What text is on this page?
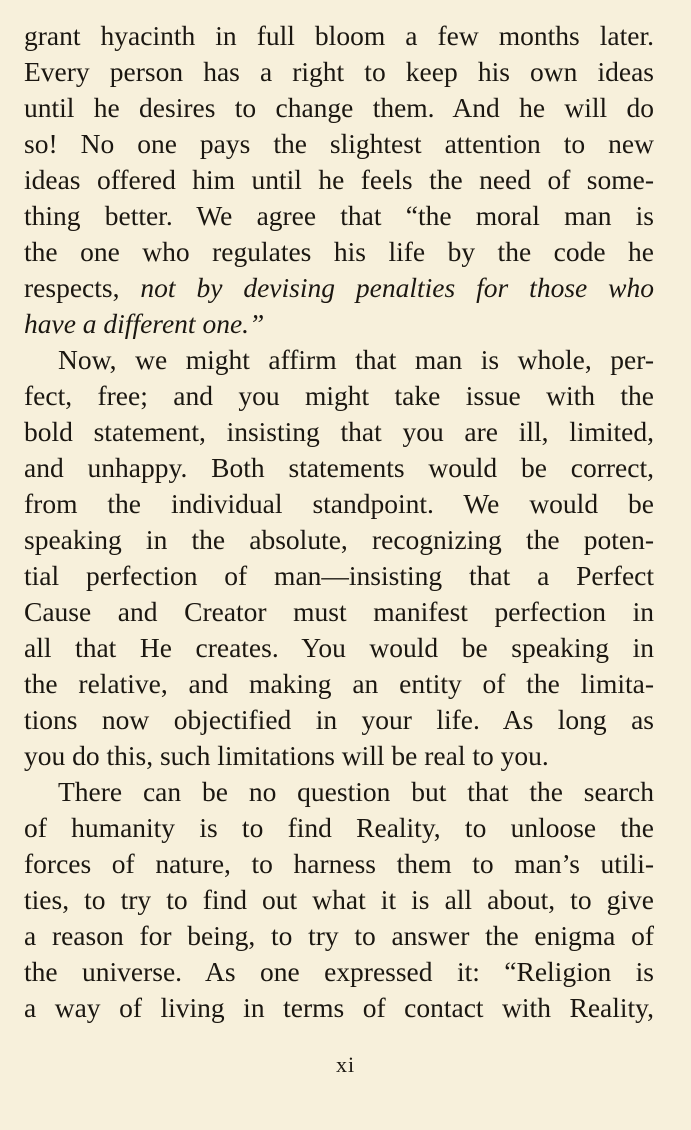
grant hyacinth in full bloom a few months later.
Every person has a right to keep his own ideas
until he desires to change them. And he will do
so! No one pays the slightest attention to new
ideas offered him until he feels the need of some-
thing better. We agree that “the moral man is
the one who regulates his life by the code he
respects, not by devising penalties for those who
have a different one.”
Now, we might affirm that man is whole, per-
fect, free; and you might take issue with the
bold statement, insisting that you are ill, limited,
and unhappy. Both statements would be correct,
from the individual standpoint. We would be
speaking in the absolute, recognizing the poten-
tial perfection of man—insisting that a Perfect
Cause and Creator must manifest perfection in
all that He creates. You would be speaking in
the relative, and making an entity of the limita-
tions now objectified in your life. As long as
you do this, such limitations will be real to you.
There can be no question but that the search
of humanity is to find Reality, to unloose the
forces of nature, to harness them to man’s utili-
ties, to try to find out what it is all about, to give
a reason for being, to try to answer the enigma of
the universe. As one expressed it: “Religion is
a way of living in terms of contact with Reality,
xi
